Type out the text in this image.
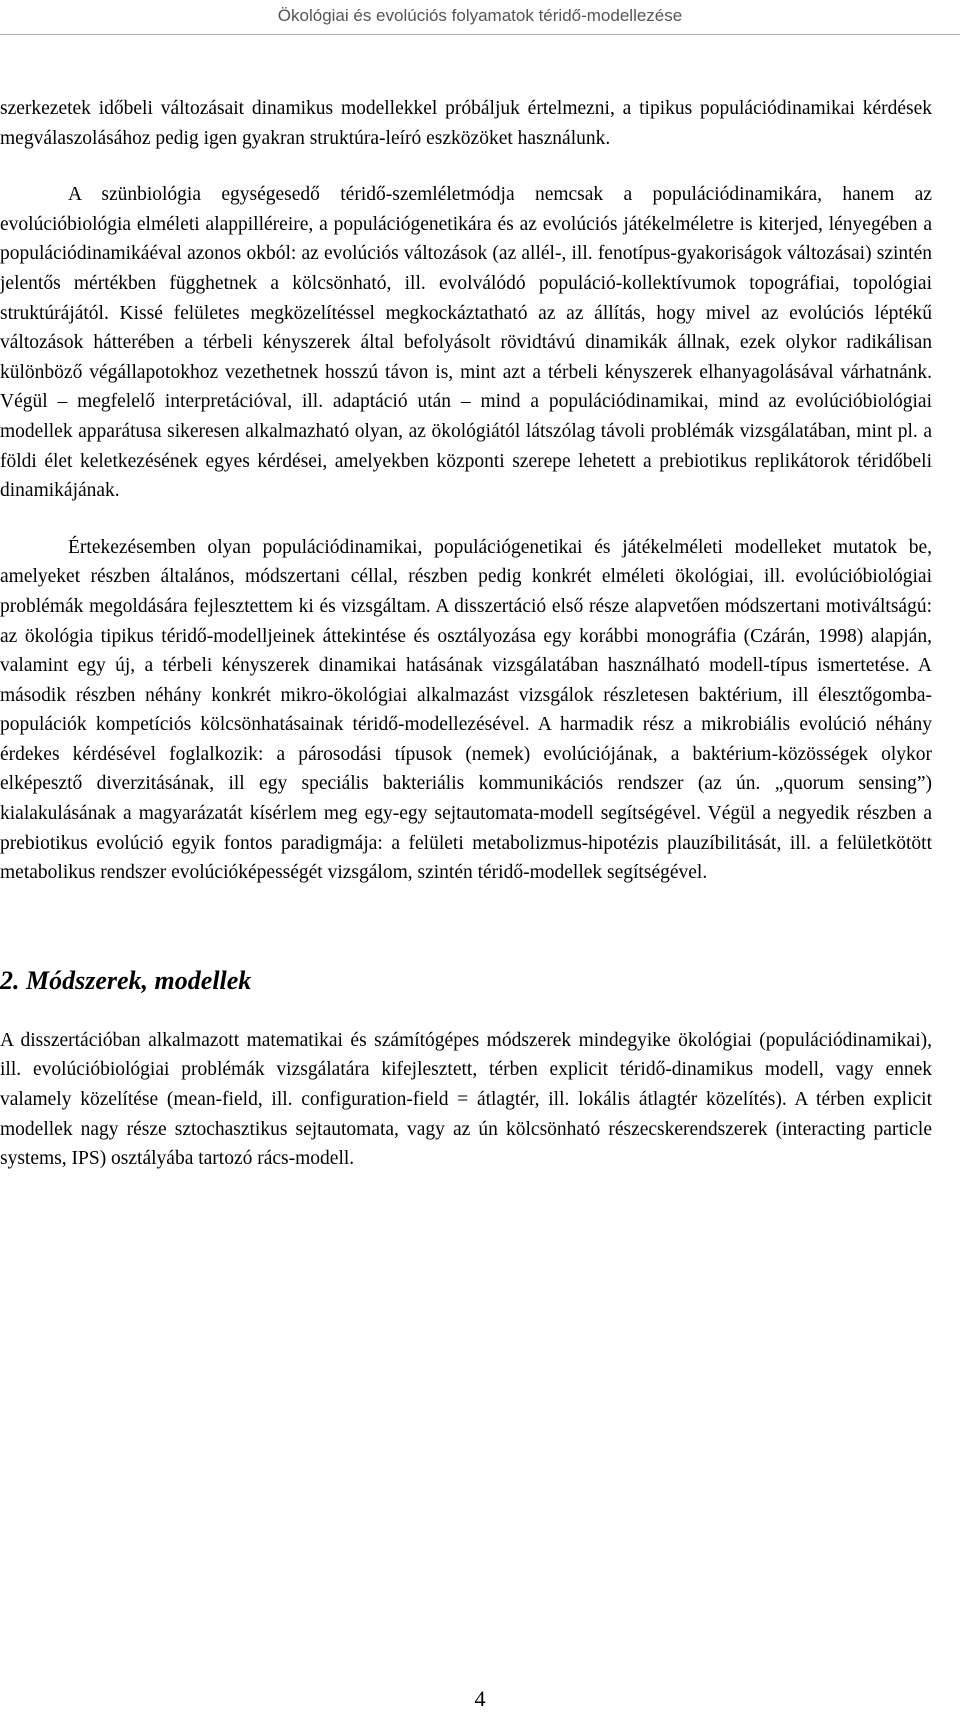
Ökológiai és evolúciós folyamatok téridő-modellezése

szerkezetek időbeli változásait dinamikus modellekkel próbáljuk értelmezni, a tipikus populációdinamikai kérdések megválaszolásához pedig igen gyakran struktúra-leíró eszközöket használunk.

A szünbiológia egységesedő téridő-szemléletmódja nemcsak a populációdinamikára, hanem az evolúcióbiológia elméleti alappilléreire, a populációgenetikára és az evolúciós játékelméletre is kiterjed, lényegében a populációdinamikáéval azonos okból: az evolúciós változások (az allél-, ill. fenotípus-gyakoriságok változásai) szintén jelentős mértékben függhetnek a kölcsönható, ill. evolválódó populáció-kollektívumok topográfiai, topológiai struktúrájától. Kissé felületes megközelítéssel megkockáztatható az az állítás, hogy mivel az evolúciós léptékű változások hátterében a térbeli kényszerek által befolyásolt rövidtávú dinamikák állnak, ezek olykor radikálisan különböző végállapotokhoz vezethetnek hosszú távon is, mint azt a térbeli kényszerek elhanyagolásával várhatnánk. Végül – megfelelő interpretációval, ill. adaptáció után – mind a populációdinamikai, mind az evolúcióbiológiai modellek apparátusa sikeresen alkalmazható olyan, az ökológiától látszólag távoli problémák vizsgálatában, mint pl. a földi élet keletkezésének egyes kérdései, amelyekben központi szerepe lehetett a prebiotikus replikátorok téridőbeli dinamikájának.

Értekezésemben olyan populációdinamikai, populációgenetikai és játékelméleti modelleket mutatok be, amelyeket részben általános, módszertani céllal, részben pedig konkrét elméleti ökológiai, ill. evolúcióbiológiai problémák megoldására fejlesztettem ki és vizsgáltam. A disszertáció első része alapvetően módszertani motiváltságú: az ökológia tipikus téridő-modelljeinek áttekintése és osztályozása egy korábbi monográfia (Czárán, 1998) alapján, valamint egy új, a térbeli kényszerek dinamikai hatásának vizsgálatában használható modell-típus ismertetése. A második részben néhány konkrét mikro-ökológiai alkalmazást vizsgálok részletesen baktérium, ill élesztőgomba-populációk kompetíciós kölcsönhatásainak téridő-modellezésével. A harmadik rész a mikrobiális evolúció néhány érdekes kérdésével foglalkozik: a párosodási típusok (nemek) evolúciójának, a baktérium-közösségek olykor elképesztő diverzitásának, ill egy speciális bakteriális kommunikációs rendszer (az ún. „quorum sensing”) kialakulásának a magyarázatát kísérlem meg egy-egy sejtautomata-modell segítségével. Végül a negyedik részben a prebiotikus evolúció egyik fontos paradigmája: a felületi metabolizmus-hipotézis plauzíbilitását, ill. a felületkötött metabolikus rendszer evolúcióképességét vizsgálom, szintén téridő-modellek segítségével.

2. Módszerek, modellek

A disszertációban alkalmazott matematikai és számítógépes módszerek mindegyike ökológiai (populációdinamikai), ill. evolúcióbiológiai problémák vizsgálatára kifejlesztett, térben explicit téridő-dinamikus modell, vagy ennek valamely közelítése (mean-field, ill. configuration-field = átlagtér, ill. lokális átlagtér közelítés). A térben explicit modellek nagy része sztochasztikus sejtautomata, vagy az ún kölcsönható részecskerendszerek (interacting particle systems, IPS) osztályába tartozó rács-modell.

4
